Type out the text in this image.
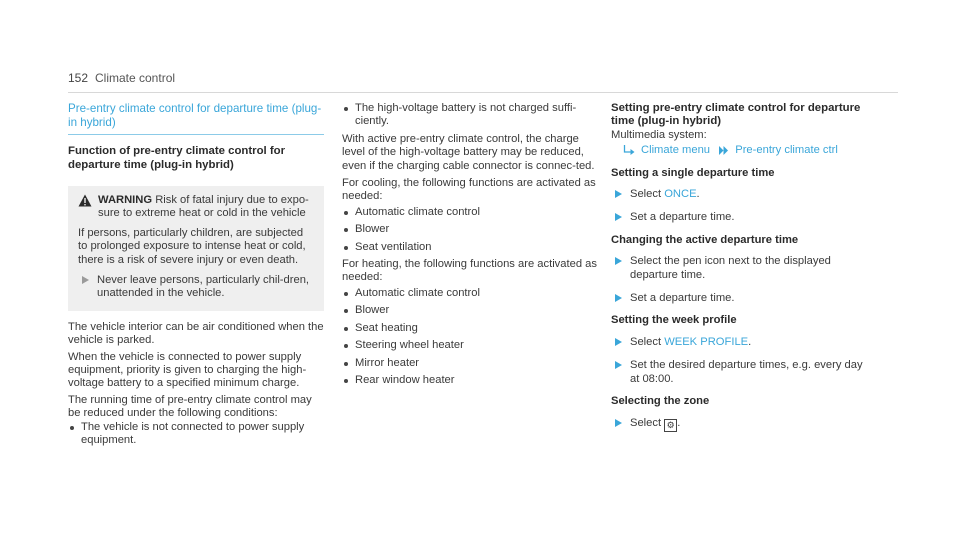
152 Climate control

Pre-entry climate control for departure time (plug-in hybrid)

Function of pre-entry climate control for departure time (plug-in hybrid)

WARNING Risk of fatal injury due to expo-sure to extreme heat or cold in the vehicle

If persons, particularly children, are subjected to prolonged exposure to intense heat or cold, there is a risk of severe injury or even death.

Never leave persons, particularly chil-dren, unattended in the vehicle.

The vehicle interior can be air conditioned when the vehicle is parked.

When the vehicle is connected to power supply equipment, priority is given to charging the high-voltage battery to a specified minimum charge.

The running time of pre-entry climate control may be reduced under the following conditions:

The vehicle is not connected to power supply equipment.
The high-voltage battery is not charged suffi-ciently.

With active pre-entry climate control, the charge level of the high-voltage battery may be reduced, even if the charging cable connector is connec-ted.

For cooling, the following functions are activated as needed:

Automatic climate control
Blower
Seat ventilation

For heating, the following functions are activated as needed:

Automatic climate control
Blower
Seat heating
Steering wheel heater
Mirror heater
Rear window heater

Setting pre-entry climate control for departure time (plug-in hybrid)

Multimedia system:

Climate menu Pre-entry climate ctrl

Setting a single departure time

Select ONCE.
Set a departure time.

Changing the active departure time

Select the pen icon next to the displayed departure time.
Set a departure time.

Setting the week profile

Select WEEK PROFILE.
Set the desired departure times, e.g. every day at 08:00.

Selecting the zone

Select ⚙ .
